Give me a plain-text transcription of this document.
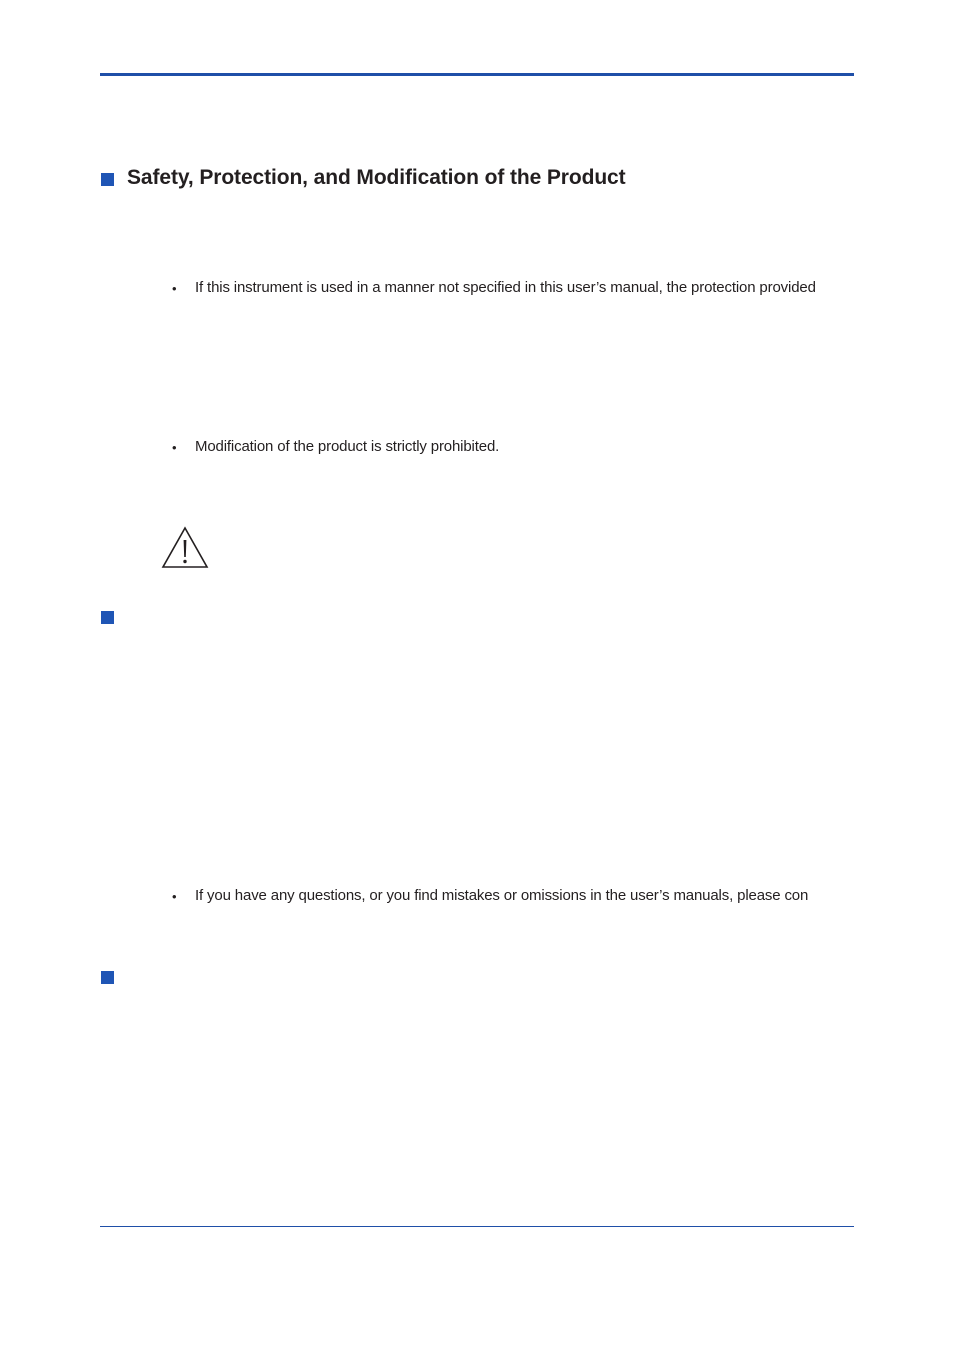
Safety, Protection, and Modification of the Product
• If this instrument is used in a manner not specified in this user’s manual, the protection provided
• Modification of the product is strictly prohibited.
• If you have any questions, or you find mistakes or omissions in the user’s manuals, please con
